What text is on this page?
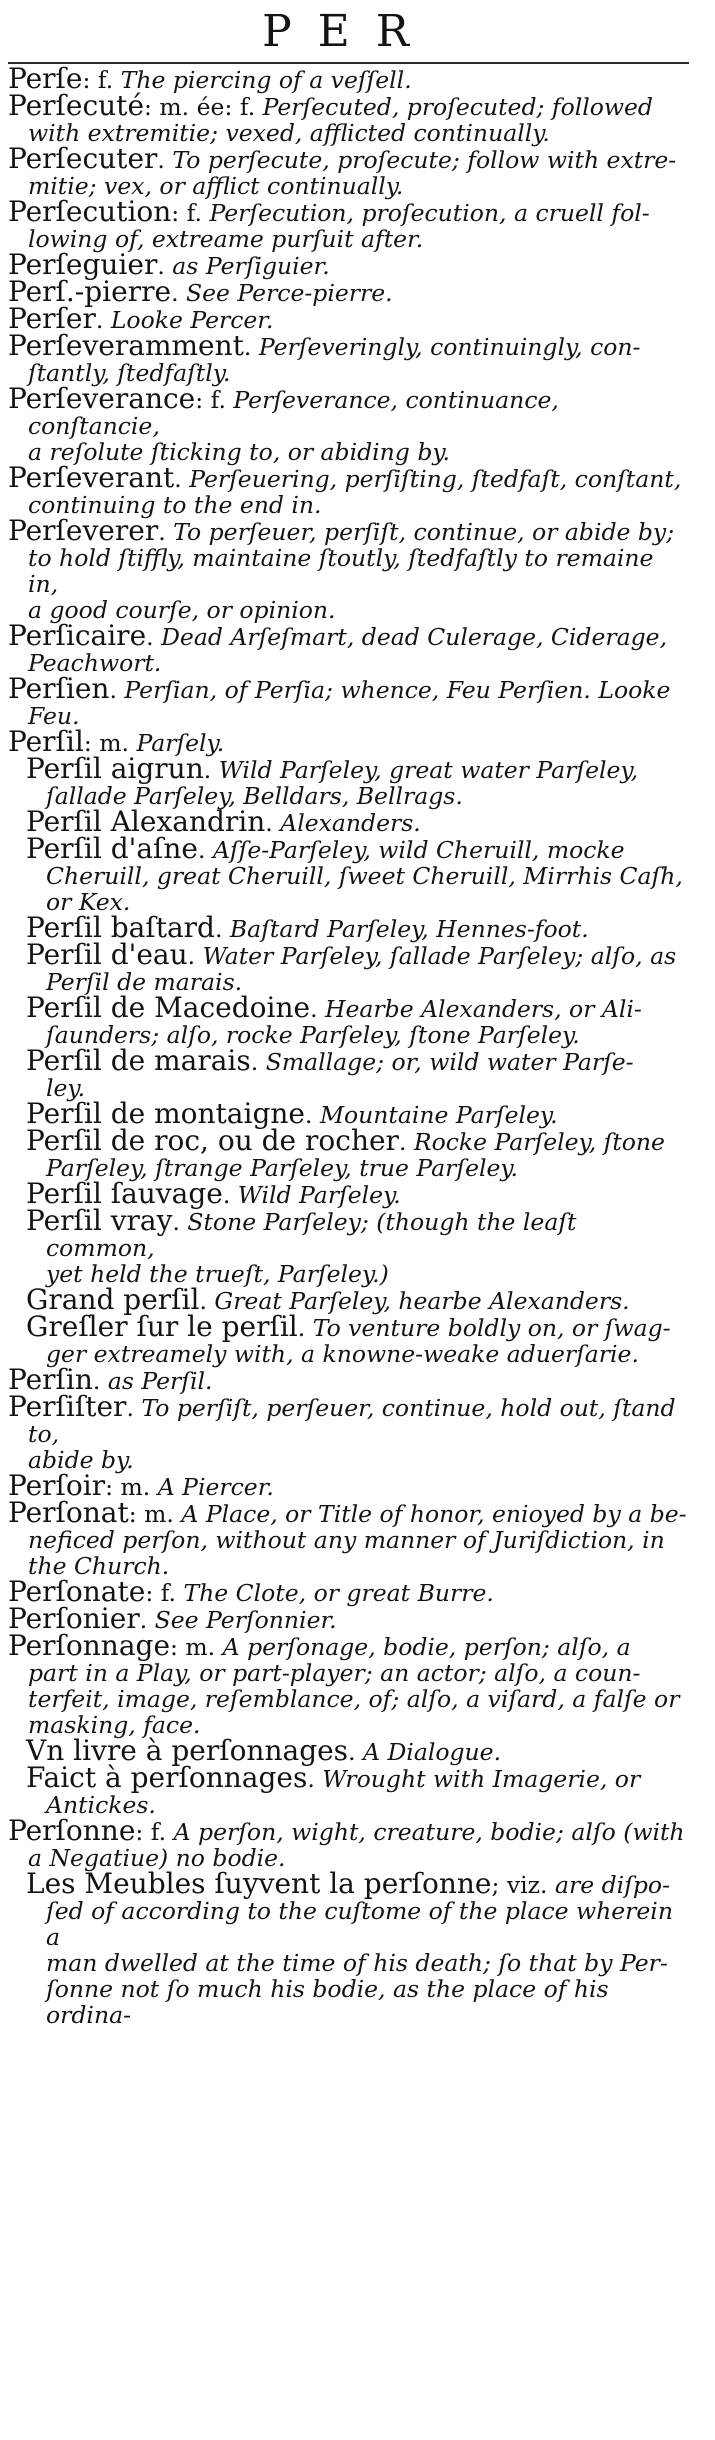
PER

Perſe: f. The piercing of a veſſell.

Perſecuté: m. ée: f. Perſecuted, proſecuted; followed
with extremitie; vexed, afflicted continually.

Perſecuter. To perſecute, proſecute; follow with extre-
mitie; vex, or afflict continually.

Perſecution: f. Perſecution, proſecution, a cruell fol-
lowing of, extreame purſuit after.

Perſeguier. as Perſiguier.

Perſ.-pierre. See Perce-pierre.

Perſer. Looke Percer.

Perſeveramment. Perſeveringly, continuingly, con-
ſtantly, ſtedfaſtly.

Perſeverance: f. Perſeverance, continuance, conſtancie,
a reſolute ſticking to, or abiding by.

Perſeverant. Perſeuering, perſiſting, ſtedfaſt, conſtant,
continuing to the end in.

Perſeverer. To perſeuer, perſiſt, continue, or abide by;
to hold ſtiffly, maintaine ſtoutly, ſtedfaſtly to remaine in,
a good courſe, or opinion.

Perſicaire. Dead Arſeſmart, dead Culerage, Ciderage,
Peachwort.

Perſien. Perſian, of Perſia; whence, Feu Perſien. Looke
Feu.

Perſil: m. Parſely.

Perſil aigrun. Wild Parſeley, great water Parſeley,
ſallade Parſeley, Belldars, Bellrags.

Perſil Alexandrin. Alexanders.

Perſil d'aſne. Aſſe-Parſeley, wild Cheruill, mocke
Cheruill, great Cheruill, ſweet Cheruill, Mirrhis Caſh,
or Kex.

Perſil baſtard. Baſtard Parſeley, Hennes-foot.

Perſil d'eau. Water Parſeley, ſallade Parſeley; alſo, as
Perſil de marais.

Perſil de Macedoine. Hearbe Alexanders, or Ali-
ſaunders; alſo, rocke Parſeley, ſtone Parſeley.

Perſil de marais. Smallage; or, wild water Parſe-
ley.

Perſil de montaigne. Mountaine Parſeley.

Perſil de roc, ou de rocher. Rocke Parſeley, ſtone
Parſeley, ſtrange Parſeley, true Parſeley.

Perſil ſauvage. Wild Parſeley.

Perſil vray. Stone Parſeley; (though the leaſt common,
yet held the trueſt, Parſeley.)

Grand perſil. Great Parſeley, hearbe Alexanders.

Greſler ſur le perſil. To venture boldly on, or ſwag-
ger extreamely with, a knowne-weake aduerſarie.

Perſin. as Perſil.

Perſiſter. To perſiſt, perſeuer, continue, hold out, ſtand to,
abide by.

Perſoir: m. A Piercer.

Perſonat: m. A Place, or Title of honor, enioyed by a be-
neficed perſon, without any manner of Juriſdiction, in
the Church.

Perſonate: f. The Clote, or great Burre.

Perſonier. See Perſonnier.

Perſonnage: m. A perſonage, bodie, perſon; alſo, a
part in a Play, or part-player; an actor; alſo, a coun-
terfeit, image, reſemblance, of; alſo, a viſard, a falſe or
masking, face.

Vn livre à perſonnages. A Dialogue.

Faict à perſonnages. Wrought with Imagerie, or
Antickes.

Perſonne: f. A perſon, wight, creature, bodie; alſo (with
a Negatiue) no bodie.

Les Meubles ſuyvent la perſonne; viz. are diſpo-
ſed of according to the cuſtome of the place wherein a
man dwelled at the time of his death; ſo that by Per-
ſonne not ſo much his bodie, as the place of his ordina-
